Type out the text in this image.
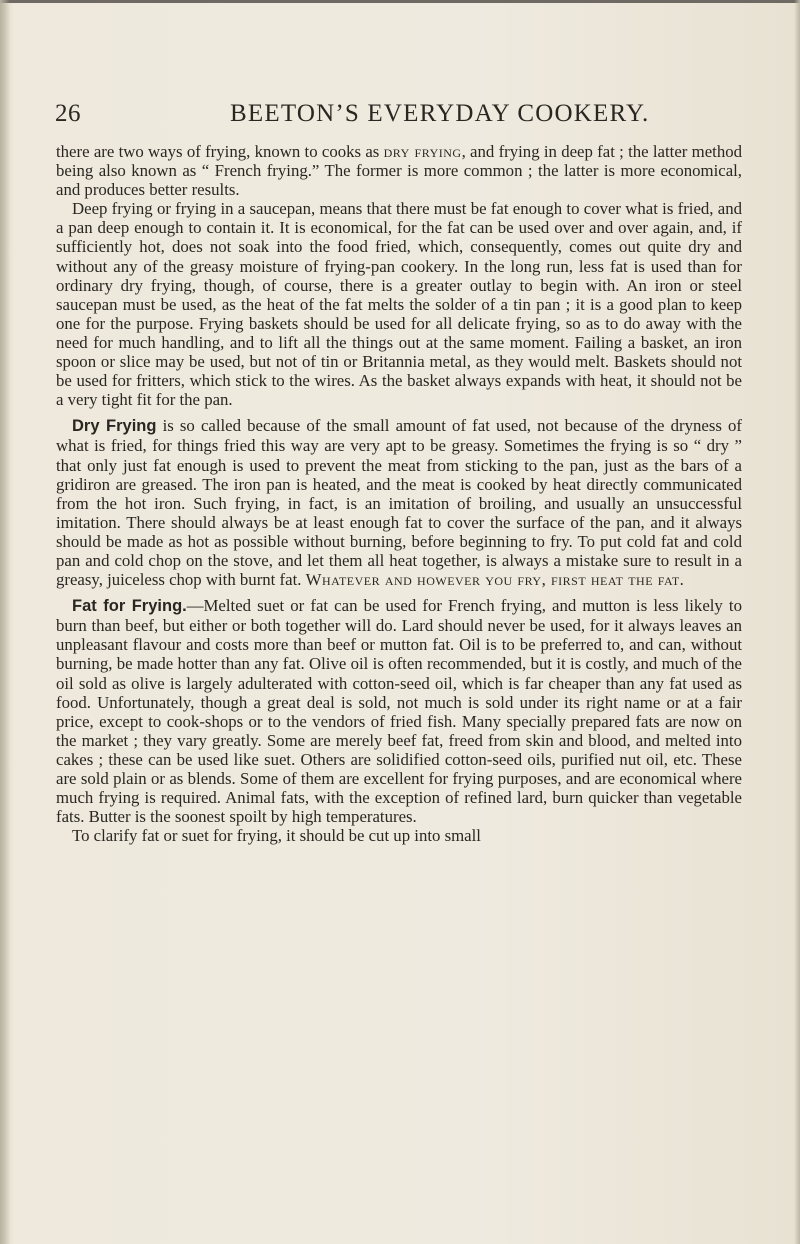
26	BEETON’S EVERYDAY COOKERY.

there are two ways of frying, known to cooks as dry frying, and frying in deep fat ; the latter method being also known as “ French frying.” The former is more common ; the latter is more economical, and produces better results.

Deep frying or frying in a saucepan, means that there must be fat enough to cover what is fried, and a pan deep enough to contain it. It is economical, for the fat can be used over and over again, and, if sufficiently hot, does not soak into the food fried, which, consequently, comes out quite dry and without any of the greasy moisture of frying-pan cookery. In the long run, less fat is used than for ordinary dry frying, though, of course, there is a greater outlay to begin with. An iron or steel saucepan must be used, as the heat of the fat melts the solder of a tin pan ; it is a good plan to keep one for the purpose. Frying baskets should be used for all delicate frying, so as to do away with the need for much handling, and to lift all the things out at the same moment. Failing a basket, an iron spoon or slice may be used, but not of tin or Britannia metal, as they would melt. Baskets should not be used for fritters, which stick to the wires. As the basket always expands with heat, it should not be a very tight fit for the pan.

Dry Frying is so called because of the small amount of fat used, not because of the dryness of what is fried, for things fried this way are very apt to be greasy. Sometimes the frying is so “ dry ” that only just fat enough is used to prevent the meat from sticking to the pan, just as the bars of a gridiron are greased. The iron pan is heated, and the meat is cooked by heat directly communicated from the hot iron. Such frying, in fact, is an imitation of broiling, and usually an unsuccessful imitation. There should always be at least enough fat to cover the surface of the pan, and it always should be made as hot as possible without burning, before beginning to fry. To put cold fat and cold pan and cold chop on the stove, and let them all heat together, is always a mistake sure to result in a greasy, juiceless chop with burnt fat. Whatever and however you fry, first heat the fat.

Fat for Frying.—Melted suet or fat can be used for French frying, and mutton is less likely to burn than beef, but either or both together will do. Lard should never be used, for it always leaves an unpleasant flavour and costs more than beef or mutton fat. Oil is to be preferred to, and can, without burning, be made hotter than any fat. Olive oil is often recommended, but it is costly, and much of the oil sold as olive is largely adulterated with cotton-seed oil, which is far cheaper than any fat used as food. Unfortunately, though a great deal is sold, not much is sold under its right name or at a fair price, except to cook-shops or to the vendors of fried fish. Many specially prepared fats are now on the market ; they vary greatly. Some are merely beef fat, freed from skin and blood, and melted into cakes ; these can be used like suet. Others are solidified cotton-seed oils, purified nut oil, etc. These are sold plain or as blends. Some of them are excellent for frying purposes, and are economical where much frying is required. Animal fats, with the exception of refined lard, burn quicker than vegetable fats. Butter is the soonest spoilt by high temperatures.

To clarify fat or suet for frying, it should be cut up into small
